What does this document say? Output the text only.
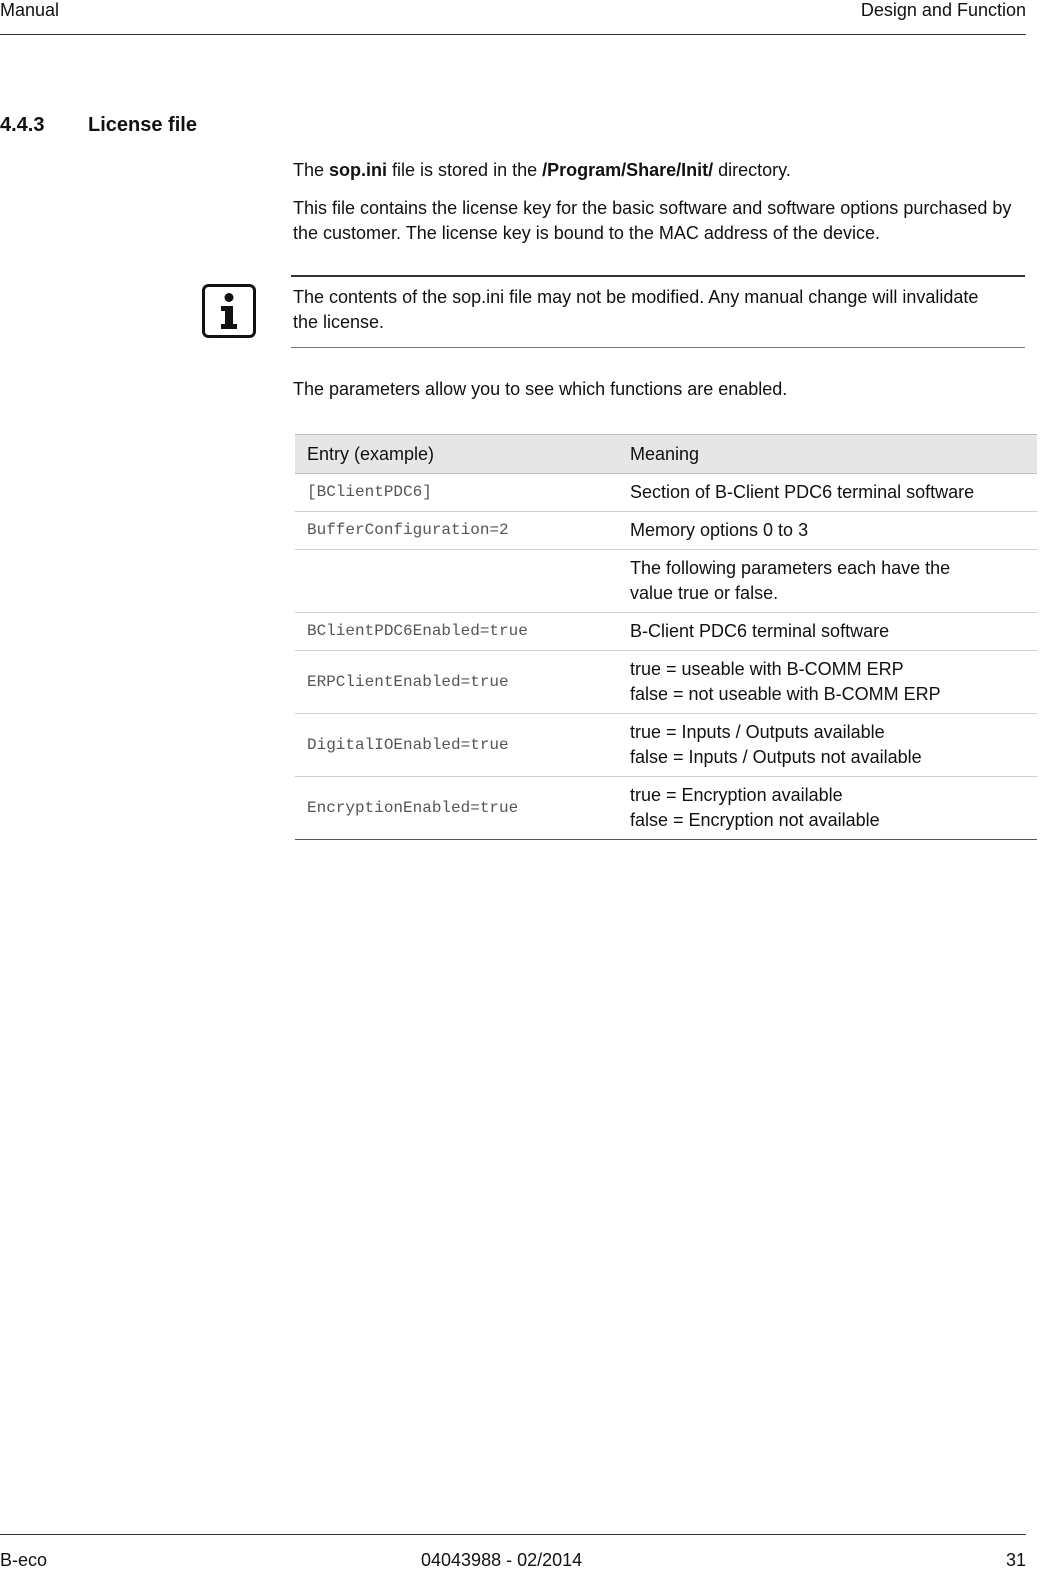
Manual	Design and Function
4.4.3 License file
The sop.ini file is stored in the /Program/Share/Init/ directory.
This file contains the license key for the basic software and software options purchased by the customer. The license key is bound to the MAC address of the device.
The contents of the sop.ini file may not be modified. Any manual change will invalidate the license.
The parameters allow you to see which functions are enabled.
Entry (example)	Meaning
[BClientPDC6]	Section of B-Client PDC6 terminal software

BufferConfiguration=2	Memory options 0 to 3

	The following parameters each have the
value true or false.

BClientPDC6Enabled=true	B-Client PDC6 terminal software

ERPClientEnabled=true	true = useable with B-COMM ERP
false = not useable with B-COMM ERP

DigitalIOEnabled=true	true = Inputs / Outputs available
false = Inputs / Outputs not available

EncryptionEnabled=true	true = Encryption available
false = Encryption not available
B-eco	04043988 - 02/2014	31
